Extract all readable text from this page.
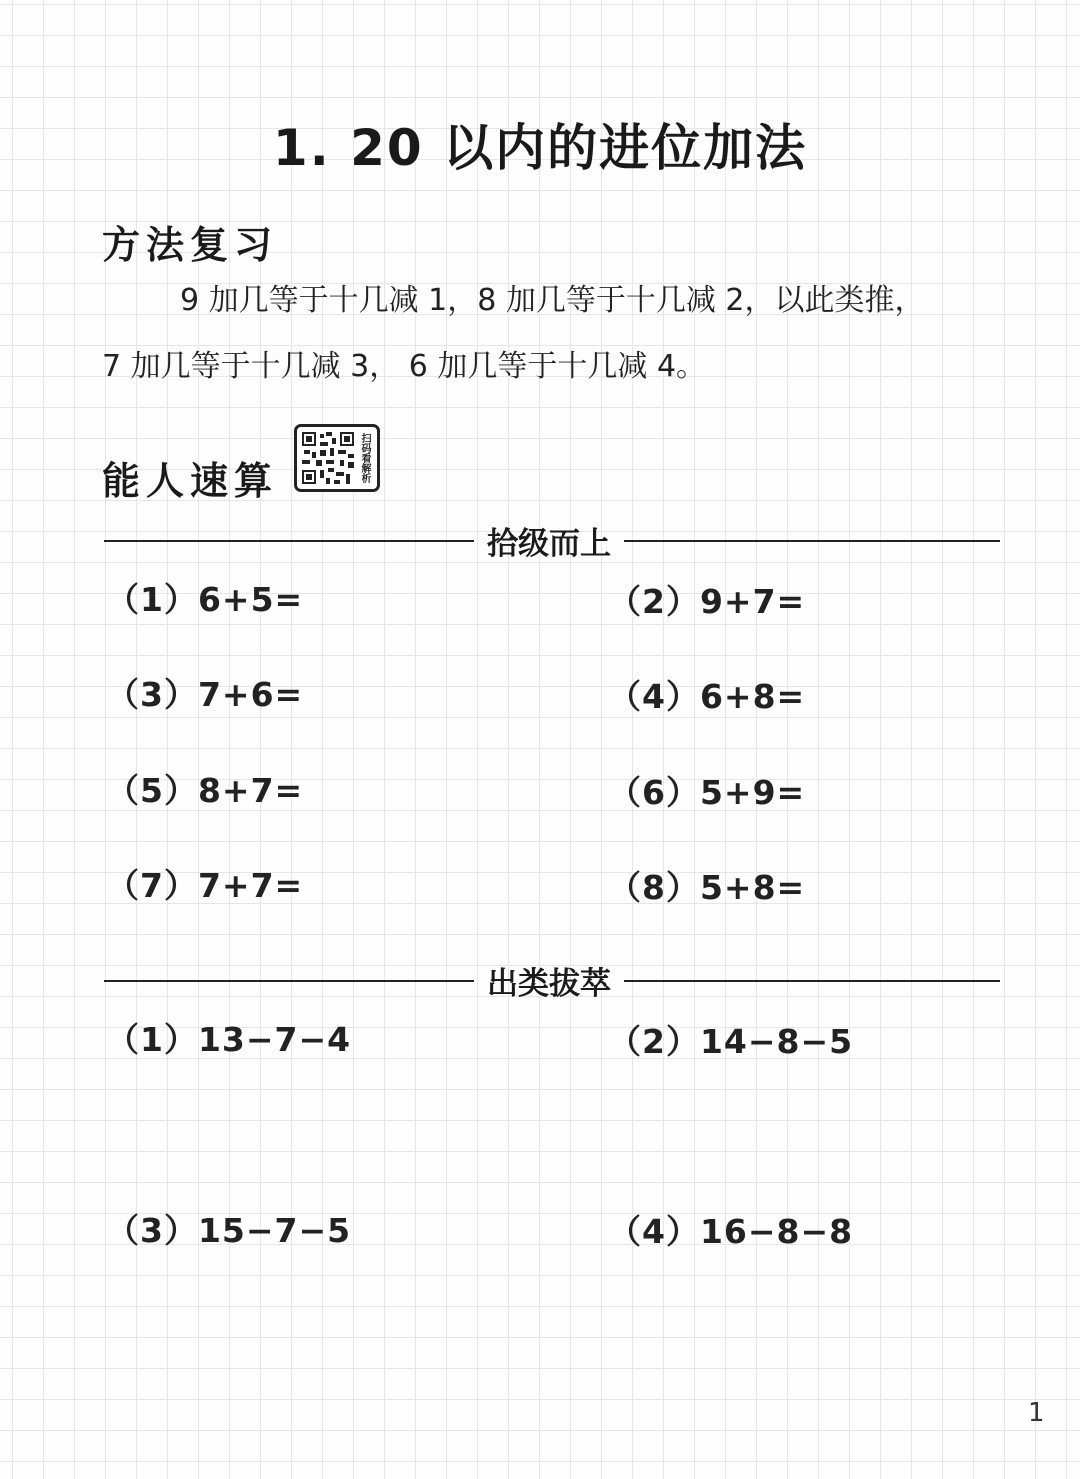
1. 20 以内的进位加法
方法复习
9 加几等于十几减 1，8 加几等于十几减 2，以此类推，
7 加几等于十几减 3， 6 加几等于十几减 4。
能人速算	扫码看解析
拾级而上
（1）6+5=	（2）9+7=
（3）7+6=	（4）6+8=
（5）8+7=	（6）5+9=
（7）7+7=	（8）5+8=
出类拔萃
（1）13−7−4	（2）14−8−5
（3）15−7−5	（4）16−8−8
1
